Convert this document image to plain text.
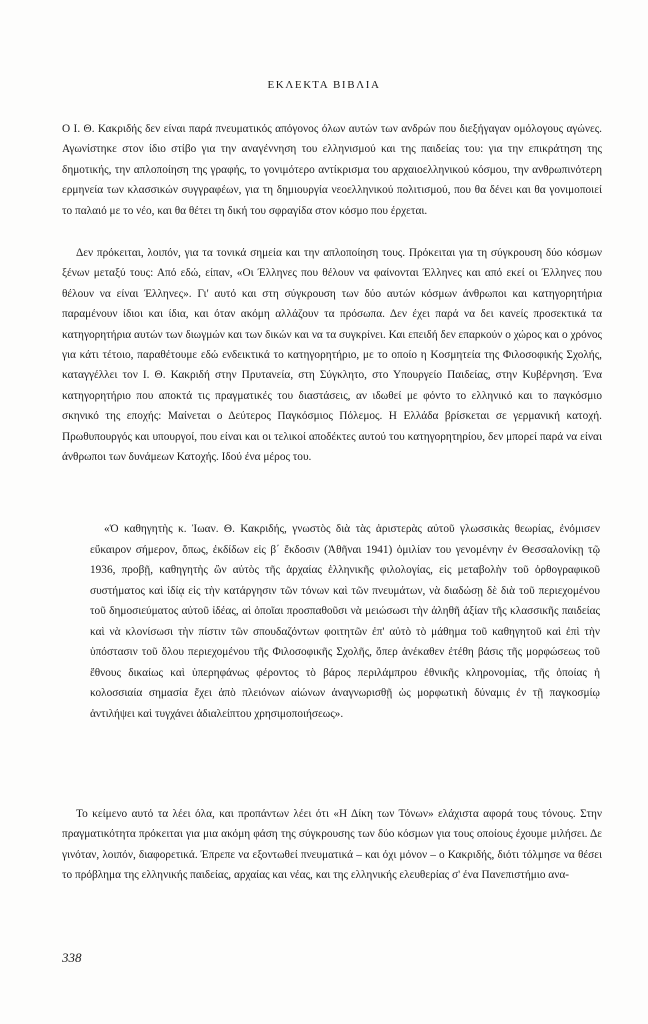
ΕΚΛΕΚΤΑ ΒΙΒΛΙΑ

Ο Ι. Θ. Κακριδής δεν είναι παρά πνευματικός απόγονος όλων αυτών των ανδρών που διεξήγαγαν ομόλογους αγώνες. Αγωνίστηκε στον ίδιο στίβο για την αναγέννηση του ελληνισμού και της παιδείας του: για την επικράτηση της δημοτικής, την απλοποίηση της γραφής, το γονιμότερο αντίκρισμα του αρχαιοελληνικού κόσμου, την ανθρωπινότερη ερμηνεία των κλασσικών συγγραφέων, για τη δημιουργία νεοελληνικού πολιτισμού, που θα δένει και θα γονιμοποιεί το παλαιό με το νέο, και θα θέτει τη δική του σφραγίδα στον κόσμο που έρχεται.

Δεν πρόκειται, λοιπόν, για τα τονικά σημεία και την απλοποίηση τους. Πρόκειται για τη σύγκρουση δύο κόσμων ξένων μεταξύ τους: Από εδώ, είπαν, «Οι Έλληνες που θέλουν να φαίνονται Έλληνες και από εκεί οι Έλληνες που θέλουν να είναι Έλληνες». Γι' αυτό και στη σύγκρουση των δύο αυτών κόσμων άνθρωποι και κατηγορητήρια παραμένουν ίδιοι και ίδια, και όταν ακόμη αλλάζουν τα πρόσωπα. Δεν έχει παρά να δει κανείς προσεκτικά τα κατηγορητήρια αυτών των διωγμών και των δικών και να τα συγκρίνει. Και επειδή δεν επαρκούν ο χώρος και ο χρόνος για κάτι τέτοιο, παραθέτουμε εδώ ενδεικτικά το κατηγορητήριο, με το οποίο η Κοσμητεία της Φιλοσοφικής Σχολής, καταγγέλλει τον Ι. Θ. Κακριδή στην Πρυτανεία, στη Σύγκλητο, στο Υπουργείο Παιδείας, στην Κυβέρνηση. Ένα κατηγορητήριο που αποκτά τις πραγματικές του διαστάσεις, αν ιδωθεί με φόντο το ελληνικό και το παγκόσμιο σκηνικό της εποχής: Μαίνεται ο Δεύτερος Παγκόσμιος Πόλεμος. Η Ελλάδα βρίσκεται σε γερμανική κατοχή. Πρωθυπουργός και υπουργοί, που είναι και οι τελικοί αποδέκτες αυτού του κατηγορητηρίου, δεν μπορεί παρά να είναι άνθρωποι των δυνάμεων Κατοχής. Ιδού ένα μέρος του.

«Ὁ καθηγητὴς κ. Ἰωαν. Θ. Κακριδής, γνωστὸς διὰ τὰς ἀριστερὰς αὐτοῦ γλωσσικὰς θεωρίας, ἐνόμισεν εὔκαιρον σήμερον, ὅπως, ἐκδίδων εἰς β΄ ἔκδοσιν (Ἀθῆναι 1941) ὁμιλίαν του γενομένην ἐν Θεσσαλονίκῃ τῷ 1936, προβῇ, καθηγητὴς ὢν αὐτὸς τῆς ἀρχαίας ἑλληνικῆς φιλολογίας, εἰς μεταβολὴν τοῦ ὀρθογραφικοῦ συστήματος καὶ ἰδίᾳ εἰς τὴν κατάργησιν τῶν τόνων καὶ τῶν πνευμάτων, νὰ διαδώσῃ δὲ διὰ τοῦ περιεχομένου τοῦ δημοσιεύματος αὐτοῦ ἰδέας, αἱ ὁποῖαι προσπαθοῦσι νὰ μειώσωσι τὴν ἀληθῆ ἀξίαν τῆς κλασσικῆς παιδείας καὶ νὰ κλονίσωσι τὴν πίστιν τῶν σπουδαζόντων φοιτητῶν ἐπ' αὐτὸ τὸ μάθημα τοῦ καθηγητοῦ καὶ ἐπὶ τὴν ὑπόστασιν τοῦ ὅλου περιεχομένου τῆς Φιλοσοφικῆς Σχολῆς, ὅπερ ἀνέκαθεν ἐτέθη βάσις τῆς μορφώσεως τοῦ ἔθνους δικαίως καὶ ὑπερηφάνως φέροντος τὸ βάρος περιλάμπρου ἐθνικῆς κληρονομίας, τῆς ὁποίας ἡ κολοσσιαία σημασία ἔχει ἀπὸ πλειόνων αἰώνων ἀναγνωρισθῇ ὡς μορφωτικὴ δύναμις ἐν τῇ παγκοσμίῳ ἀντιλήψει καὶ τυγχάνει ἀδιαλείπτου χρησιμοποιήσεως».

Το κείμενο αυτό τα λέει όλα, και προπάντων λέει ότι «Η Δίκη των Τόνων» ελάχιστα αφορά τους τόνους. Στην πραγματικότητα πρόκειται για μια ακόμη φάση της σύγκρουσης των δύο κόσμων για τους οποίους έχουμε μιλήσει. Δε γινόταν, λοιπόν, διαφορετικά. Έπρεπε να εξοντωθεί πνευματικά – και όχι μόνον – ο Κακριδής, διότι τόλμησε να θέσει το πρόβλημα της ελληνικής παιδείας, αρχαίας και νέας, και της ελληνικής ελευθερίας σ' ένα Πανεπιστήμιο ανα-

338
